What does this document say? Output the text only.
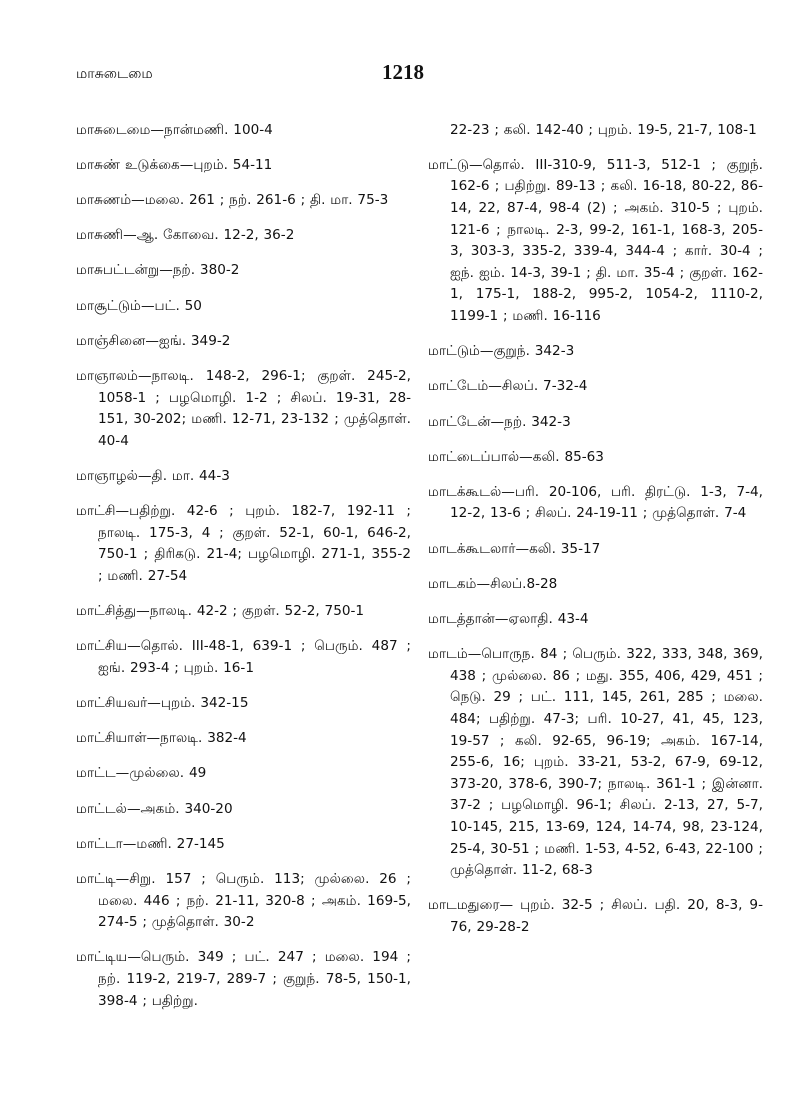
மாசுடைமை	1218

மாசுடைமை—நான்மணி. 100-4

மாசுண் உடுக்கை—புறம். 54-11

மாசுணம்—மலை. 261 ; நற். 261-6 ; தி. மா. 75-3

மாசுணி—ஆ. கோவை. 12-2, 36-2

மாசுபட்டன்று—நற். 380-2

மாசூட்டும்—பட். 50

மாஞ்சினை—ஐங். 349-2

மாஞாலம்—நாலடி. 148-2, 296-1; குறள். 245-2, 1058-1 ; பழமொழி. 1-2 ; சிலப். 19-31, 28-151, 30-202; மணி. 12-71, 23-132 ; முத்தொள். 40-4

மாஞாழல்—தி. மா. 44-3

மாட்சி—பதிற்று. 42-6 ; புறம். 182-7, 192-11 ; நாலடி. 175-3, 4 ; குறள். 52-1, 60-1, 646-2, 750-1 ; திரிகடு. 21-4; பழமொழி. 271-1, 355-2 ; மணி. 27-54

மாட்சித்து—நாலடி. 42-2 ; குறள். 52-2, 750-1

மாட்சிய—தொல். III-48-1, 639-1 ; பெரும். 487 ; ஐங். 293-4 ; புறம். 16-1

மாட்சியவர்—புறம். 342-15

மாட்சியாள்—நாலடி. 382-4

மாட்ட—முல்லை. 49

மாட்டல்—அகம். 340-20

மாட்டா—மணி. 27-145

மாட்டி—சிறு. 157 ; பெரும். 113; முல்லை. 26 ; மலை. 446 ; நற். 21-11, 320-8 ; அகம். 169-5, 274-5 ; முத்தொள். 30-2

மாட்டிய—பெரும். 349 ; பட். 247 ; மலை. 194 ; நற். 119-2, 219-7, 289-7 ; குறுந். 78-5, 150-1, 398-4 ; பதிற்று.

22-23 ; கலி. 142-40 ; புறம். 19-5, 21-7, 108-1

மாட்டு—தொல். III-310-9, 511-3, 512-1 ; குறுந். 162-6 ; பதிற்று. 89-13 ; கலி. 16-18, 80-22, 86-14, 22, 87-4, 98-4 (2) ; அகம். 310-5 ; புறம். 121-6 ; நாலடி. 2-3, 99-2, 161-1, 168-3, 205-3, 303-3, 335-2, 339-4, 344-4 ; கார். 30-4 ; ஐந். ஐம். 14-3, 39-1 ; தி. மா. 35-4 ; குறள். 162-1, 175-1, 188-2, 995-2, 1054-2, 1110-2, 1199-1 ; மணி. 16-116

மாட்டும்—குறுந். 342-3

மாட்டேம்—சிலப். 7-32-4

மாட்டேன்—நற். 342-3

மாட்டைப்பால்—கலி. 85-63

மாடக்கூடல்—பரி. 20-106, பரி. திரட்டு. 1-3, 7-4, 12-2, 13-6 ; சிலப். 24-19-11 ; முத்தொள். 7-4

மாடக்கூடலார்—கலி. 35-17

மாடகம்—சிலப்.8-28

மாடத்தான்—ஏலாதி. 43-4

மாடம்—பொருந. 84 ; பெரும். 322, 333, 348, 369, 438 ; முல்லை. 86 ; மது. 355, 406, 429, 451 ; நெடு. 29 ; பட். 111, 145, 261, 285 ; மலை. 484; பதிற்று. 47-3; பரி. 10-27, 41, 45, 123, 19-57 ; கலி. 92-65, 96-19; அகம். 167-14, 255-6, 16; புறம். 33-21, 53-2, 67-9, 69-12, 373-20, 378-6, 390-7; நாலடி. 361-1 ; இன்னா. 37-2 ; பழமொழி. 96-1; சிலப். 2-13, 27, 5-7, 10-145, 215, 13-69, 124, 14-74, 98, 23-124, 25-4, 30-51 ; மணி. 1-53, 4-52, 6-43, 22-100 ; முத்தொள். 11-2, 68-3

மாடமதுரை— புறம். 32-5 ; சிலப். பதி. 20, 8-3, 9-76, 29-28-2
